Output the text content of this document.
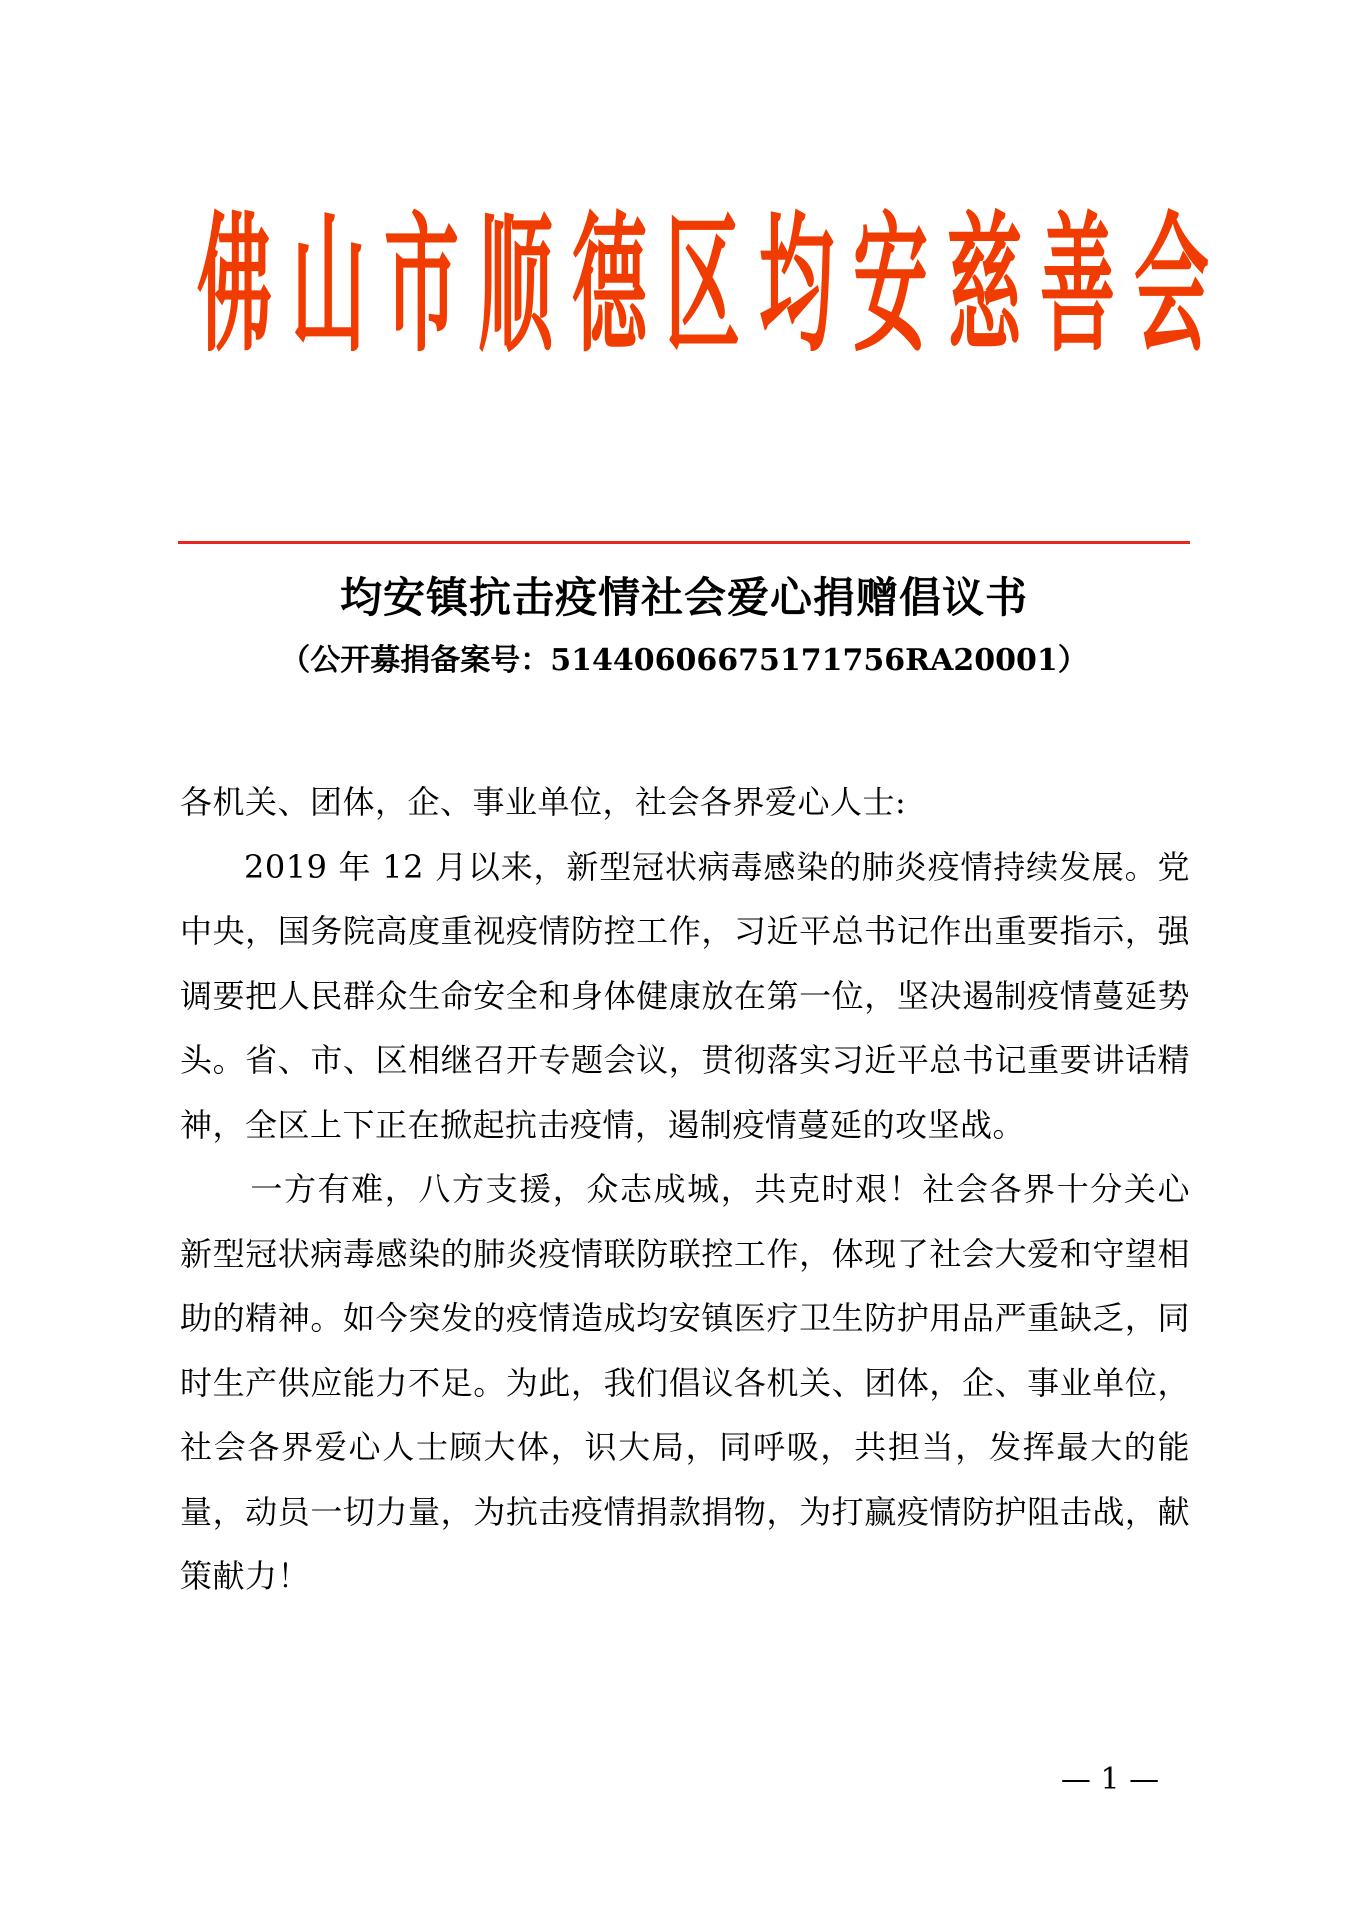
佛 山 市 顺 德 区 均 安 慈 善 会
均安镇抗击疫情社会爱心捐赠倡议书
（公开募捐备案号：51440606675171756RA20001）

各机关、团体，企、事业单位，社会各界爱心人士:

2019 年 12 月以来，新型冠状病毒感染的肺炎疫情持续发展。党中央，国务院高度重视疫情防控工作，习近平总书记作出重要指示，强调要把人民群众生命安全和身体健康放在第一位，坚决遏制疫情蔓延势头。省、市、区相继召开专题会议，贯彻落实习近平总书记重要讲话精神，全区上下正在掀起抗击疫情，遏制疫情蔓延的攻坚战。

一方有难，八方支援，众志成城，共克时艰！社会各界十分关心新型冠状病毒感染的肺炎疫情联防联控工作，体现了社会大爱和守望相助的精神。如今突发的疫情造成均安镇医疗卫生防护用品严重缺乏，同时生产供应能力不足。为此，我们倡议各机关、团体，企、事业单位，社会各界爱心人士顾大体，识大局，同呼吸，共担当，发挥最大的能量，动员一切力量，为抗击疫情捐款捐物，为打赢疫情防护阻击战，献策献力！

— 1 —
